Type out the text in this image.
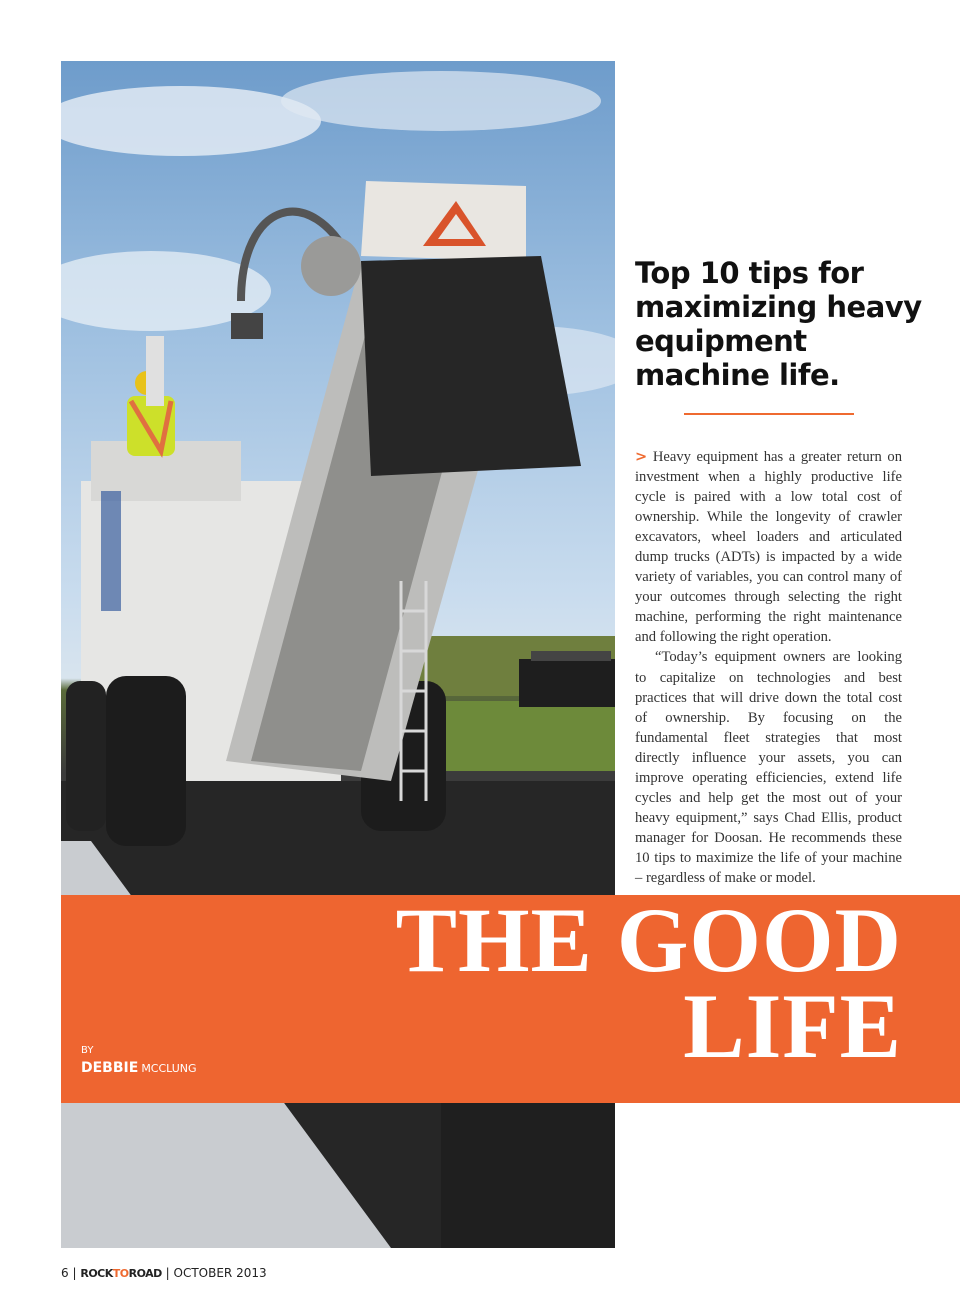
Top 10 tips for maximizing heavy equipment machine life.

> Heavy equipment has a greater return on investment when a highly productive life cycle is paired with a low total cost of ownership. While the longevity of crawler excavators, wheel loaders and articulated dump trucks (ADTs) is impacted by a wide variety of variables, you can control many of your outcomes through selecting the right machine, performing the right maintenance and following the right operation.

“Today’s equipment owners are looking to capitalize on technologies and best practices that will drive down the total cost of ownership. By focusing on the fundamental fleet strategies that most directly influence your assets, you can improve operating efficiencies, extend life cycles and help get the most out of your heavy equipment,” says Chad Ellis, product manager for Doosan. He recommends these 10 tips to maximize the life of your machine – regardless of make or model.

THE GOOD
LIFE
BY
DEBBIE MCCLUNG
6 | ROCKTOROAD | OCTOBER 2013
